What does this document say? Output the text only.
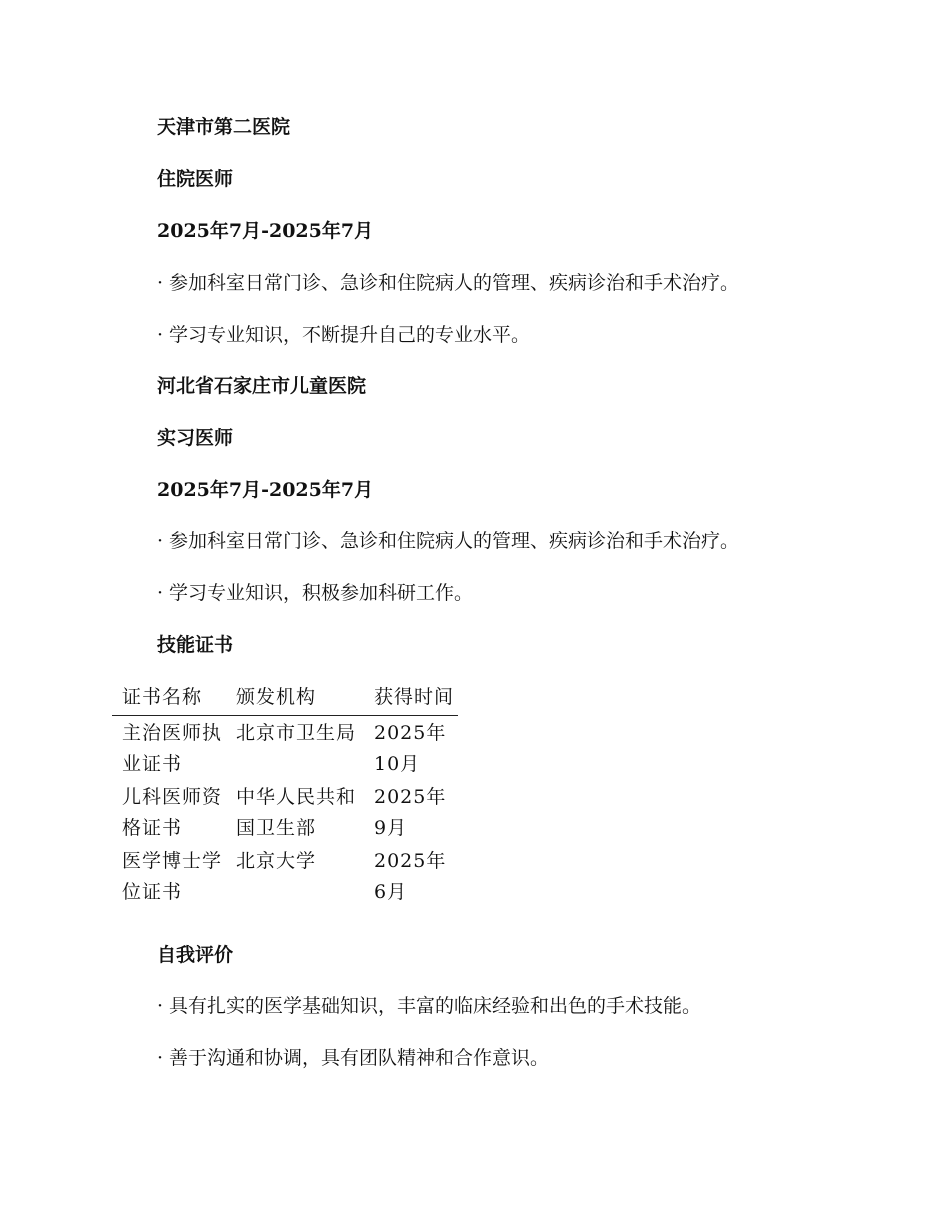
天津市第二医院

住院医师

2025年7月-2025年7月

· 参加科室日常门诊、急诊和住院病人的管理、疾病诊治和手术治疗。

· 学习专业知识，不断提升自己的专业水平。

河北省石家庄市儿童医院

实习医师

2025年7月-2025年7月

· 参加科室日常门诊、急诊和住院病人的管理、疾病诊治和手术治疗。

· 学习专业知识，积极参加科研工作。

技能证书

证书名称	颁发机构	获得时间
主治医师执业证书	北京市卫生局	2025年10月
儿科医师资格证书	中华人民共和国卫生部	2025年9月
医学博士学位证书	北京大学	2025年6月

自我评价

· 具有扎实的医学基础知识，丰富的临床经验和出色的手术技能。

· 善于沟通和协调，具有团队精神和合作意识。
